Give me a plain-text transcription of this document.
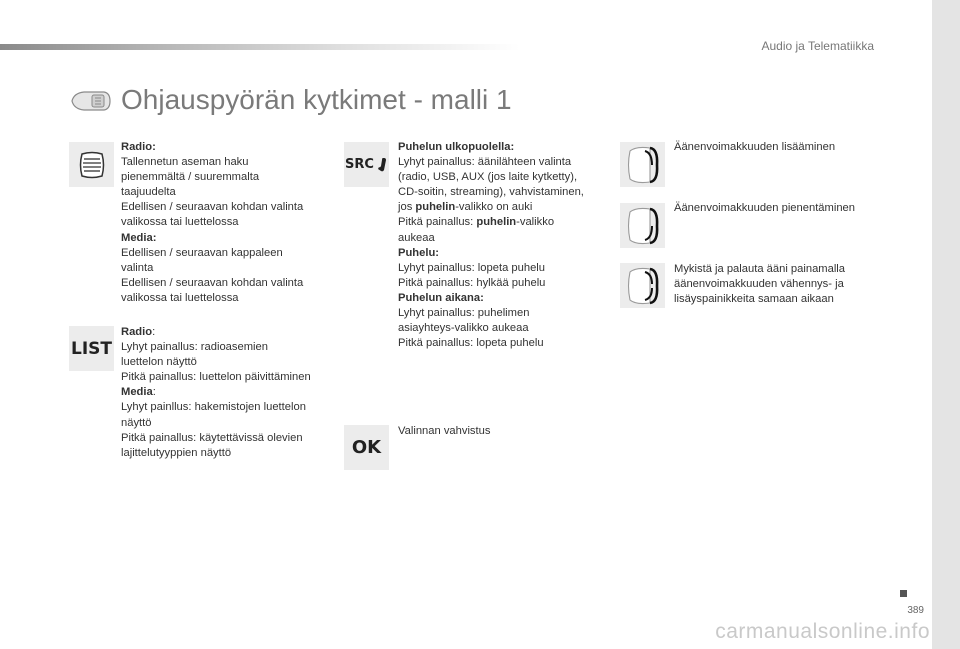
Audio ja Telematiikka
Ohjauspyörän kytkimet - malli 1
Radio:
Tallennetun aseman haku
pienemmältä / suuremmalta
taajuudelta
Edellisen / seuraavan kohdan valinta
valikossa tai luettelossa
Media:
Edellisen / seuraavan kappaleen
valinta
Edellisen / seuraavan kohdan valinta
valikossa tai luettelossa
LIST
Radio:
Lyhyt painallus: radioasemien
luettelon näyttö
Pitkä painallus: luettelon päivittäminen
Media:
Lyhyt painllus: hakemistojen luettelon
näyttö
Pitkä painallus: käytettävissä olevien
lajittelutyyppien näyttö
SRC
Puhelun ulkopuolella:
Lyhyt painallus: äänilähteen valinta
(radio, USB, AUX (jos laite kytketty),
CD-soitin, streaming), vahvistaminen,
jos puhelin-valikko on auki
Pitkä painallus: puhelin-valikko
aukeaa
Puhelu:
Lyhyt painallus: lopeta puhelu
Pitkä painallus: hylkää puhelu
Puhelun aikana:
Lyhyt painallus: puhelimen
asiayhteys-valikko aukeaa
Pitkä painallus: lopeta puhelu
OK
Valinnan vahvistus
Äänenvoimakkuuden lisääminen
Äänenvoimakkuuden pienentäminen
Mykistä ja palauta ääni painamalla
äänenvoimakkuuden vähennys- ja
lisäyspainikkeita samaan aikaan
389
carmanualsonline.info
